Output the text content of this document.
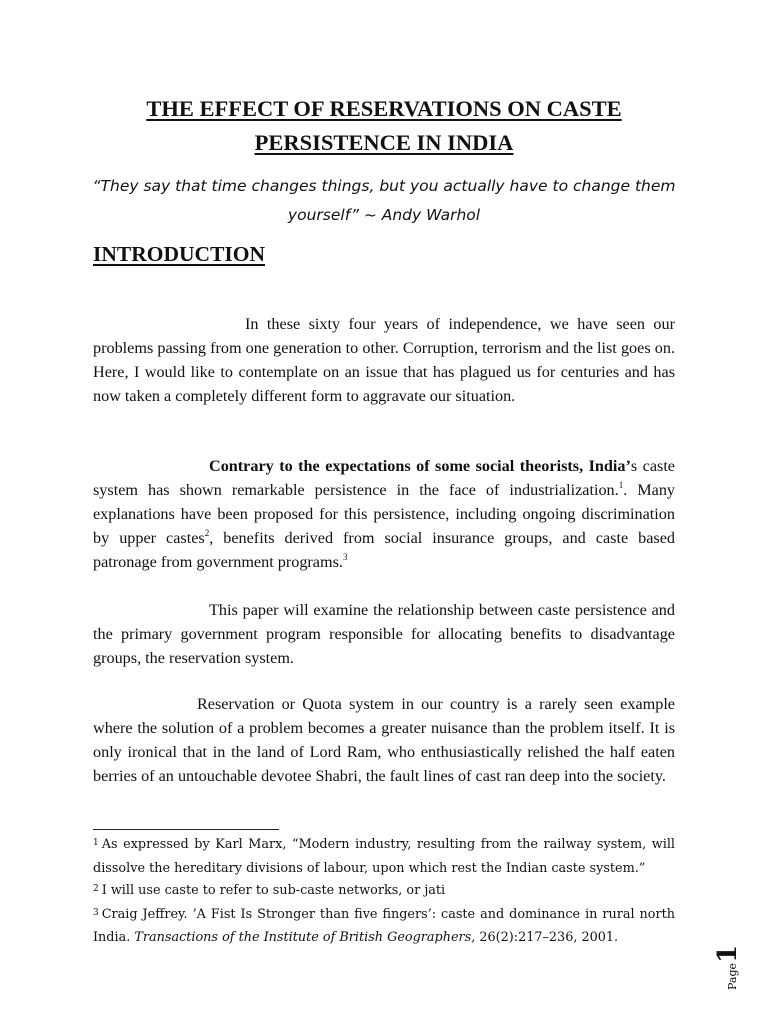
THE EFFECT OF RESERVATIONS ON CASTE
PERSISTENCE IN INDIA
“They say that time changes things, but you actually have to change them yourself” ~ Andy Warhol
INTRODUCTION

In these sixty four years of independence, we have seen our problems passing from one generation to other. Corruption, terrorism and the list goes on. Here, I would like to contemplate on an issue that has plagued us for centuries and has now taken a completely different form to aggravate our situation.

Contrary to the expectations of some social theorists, India’s caste system has shown remarkable persistence in the face of industrialization.$^1$. Many explanations have been proposed for this persistence, including ongoing discrimination by upper castes$^2$, benefits derived from social insurance groups, and caste based patronage from government programs.$^3$

This paper will examine the relationship between caste persistence and the primary government program responsible for allocating benefits to disadvantage groups, the reservation system.

Reservation or Quota system in our country is a rarely seen example where the solution of a problem becomes a greater nuisance than the problem itself. It is only ironical that in the land of Lord Ram, who enthusiastically relished the half eaten berries of an untouchable devotee Shabri, the fault lines of cast ran deep into the society.

$^1$ As expressed by Karl Marx, “Modern industry, resulting from the railway system, will dissolve the hereditary divisions of labour, upon which rest the Indian caste system.”

$^2$ I will use caste to refer to sub-caste networks, or jati

$^3$ Craig Jeffrey. ’A Fist Is Stronger than five fingers’: caste and dominance in rural north India. Transactions of the Institute of British Geographers, 26(2):217–236, 2001.

Page1
